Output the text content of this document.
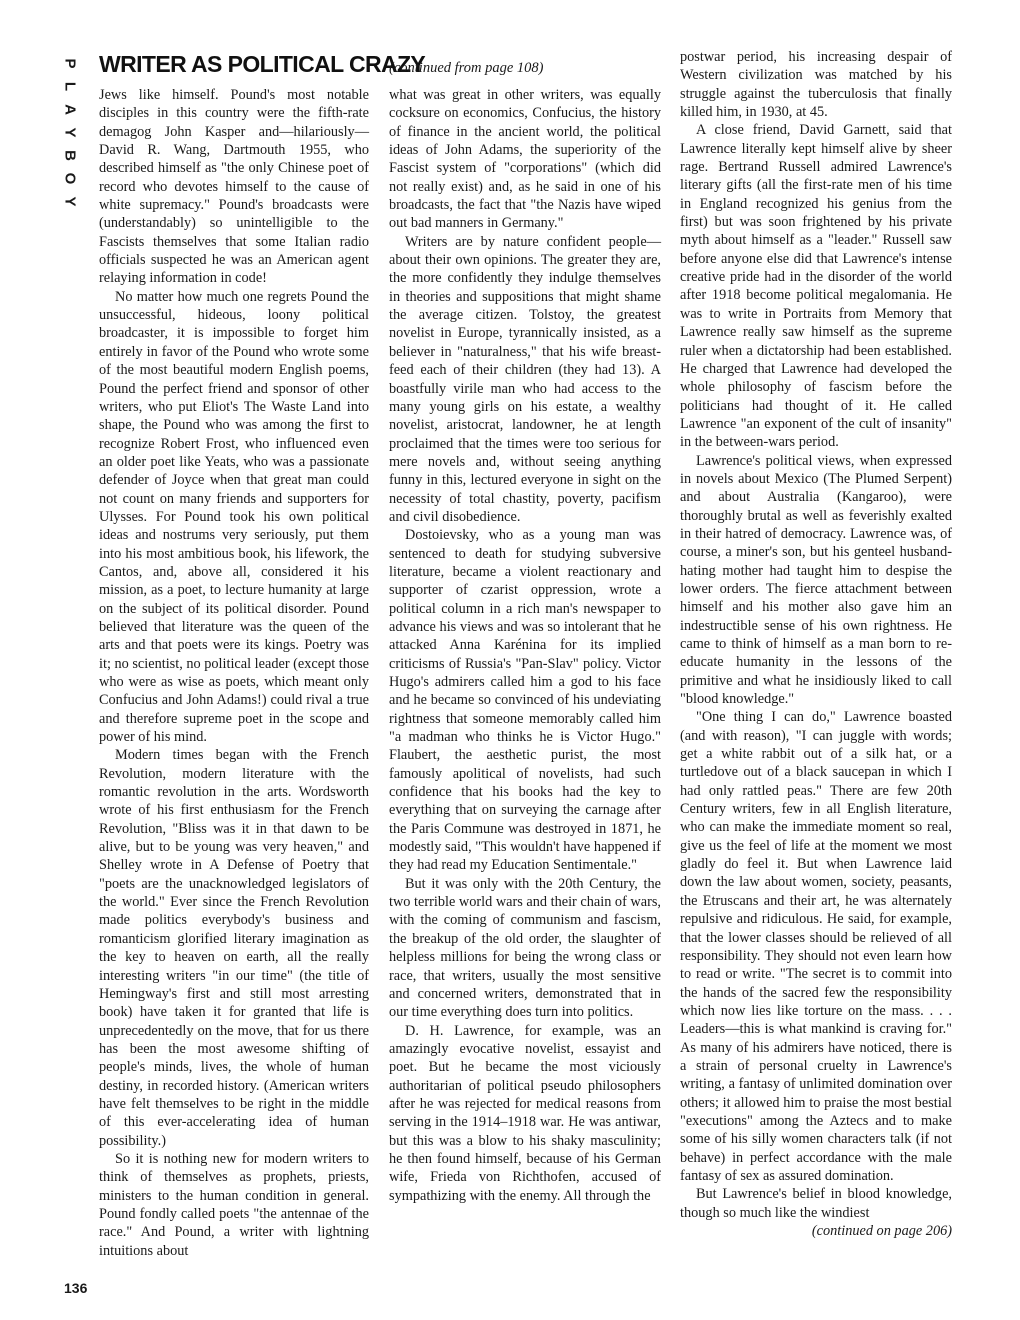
P
L
A
Y
B
O
Y
WRITER AS POLITICAL CRAZY
(continued from page 108)

Jews like himself. Pound's most notable disciples in this country were the fifth-rate demagog John Kasper and—hilariously—David R. Wang, Dartmouth 1955, who described himself as "the only Chinese poet of record who devotes himself to the cause of white supremacy." Pound's broadcasts were (understandably) so unintelligible to the Fascists themselves that some Italian radio officials suspected he was an American agent relaying information in code!

No matter how much one regrets Pound the unsuccessful, hideous, loony political broadcaster, it is impossible to forget him entirely in favor of the Pound who wrote some of the most beautiful modern English poems, Pound the perfect friend and sponsor of other writers, who put Eliot's The Waste Land into shape, the Pound who was among the first to recognize Robert Frost, who influenced even an older poet like Yeats, who was a passionate defender of Joyce when that great man could not count on many friends and supporters for Ulysses. For Pound took his own political ideas and nostrums very seriously, put them into his most ambitious book, his lifework, the Cantos, and, above all, considered it his mission, as a poet, to lecture humanity at large on the subject of its political disorder. Pound believed that literature was the queen of the arts and that poets were its kings. Poetry was it; no scientist, no political leader (except those who were as wise as poets, which meant only Confucius and John Adams!) could rival a true and therefore supreme poet in the scope and power of his mind.

Modern times began with the French Revolution, modern literature with the romantic revolution in the arts. Wordsworth wrote of his first enthusiasm for the French Revolution, "Bliss was it in that dawn to be alive, but to be young was very heaven," and Shelley wrote in A Defense of Poetry that "poets are the unacknowledged legislators of the world." Ever since the French Revolution made politics everybody's business and romanticism glorified literary imagination as the key to heaven on earth, all the really interesting writers "in our time" (the title of Hemingway's first and still most arresting book) have taken it for granted that life is unprecedentedly on the move, that for us there has been the most awesome shifting of people's minds, lives, the whole of human destiny, in recorded history. (American writers have felt themselves to be right in the middle of this ever-accelerating idea of human possibility.)

So it is nothing new for modern writers to think of themselves as prophets, priests, ministers to the human condition in general. Pound fondly called poets "the antennae of the race." And Pound, a writer with lightning intuitions about

what was great in other writers, was equally cocksure on economics, Confucius, the history of finance in the ancient world, the political ideas of John Adams, the superiority of the Fascist system of "corporations" (which did not really exist) and, as he said in one of his broadcasts, the fact that "the Nazis have wiped out bad manners in Germany."

Writers are by nature confident people—about their own opinions. The greater they are, the more confidently they indulge themselves in theories and suppositions that might shame the average citizen. Tolstoy, the greatest novelist in Europe, tyrannically insisted, as a believer in "naturalness," that his wife breast-feed each of their children (they had 13). A boastfully virile man who had access to the many young girls on his estate, a wealthy novelist, aristocrat, landowner, he at length proclaimed that the times were too serious for mere novels and, without seeing anything funny in this, lectured everyone in sight on the necessity of total chastity, poverty, pacifism and civil disobedience.

Dostoievsky, who as a young man was sentenced to death for studying subversive literature, became a violent reactionary and supporter of czarist oppression, wrote a political column in a rich man's newspaper to advance his views and was so intolerant that he attacked Anna Karénina for its implied criticisms of Russia's "Pan-Slav" policy. Victor Hugo's admirers called him a god to his face and he became so convinced of his undeviating rightness that someone memorably called him "a madman who thinks he is Victor Hugo." Flaubert, the aesthetic purist, the most famously apolitical of novelists, had such confidence that his books had the key to everything that on surveying the carnage after the Paris Commune was destroyed in 1871, he modestly said, "This wouldn't have happened if they had read my Education Sentimentale."

But it was only with the 20th Century, the two terrible world wars and their chain of wars, with the coming of communism and fascism, the breakup of the old order, the slaughter of helpless millions for being the wrong class or race, that writers, usually the most sensitive and concerned writers, demonstrated that in our time everything does turn into politics.

D. H. Lawrence, for example, was an amazingly evocative novelist, essayist and poet. But he became the most viciously authoritarian of political pseudo philosophers after he was rejected for medical reasons from serving in the 1914–1918 war. He was antiwar, but this was a blow to his shaky masculinity; he then found himself, because of his German wife, Frieda von Richthofen, accused of sympathizing with the enemy. All through the

postwar period, his increasing despair of Western civilization was matched by his struggle against the tuberculosis that finally killed him, in 1930, at 45.

A close friend, David Garnett, said that Lawrence literally kept himself alive by sheer rage. Bertrand Russell admired Lawrence's literary gifts (all the first-rate men of his time in England recognized his genius from the first) but was soon frightened by his private myth about himself as a "leader." Russell saw before anyone else did that Lawrence's intense creative pride had in the disorder of the world after 1918 become political megalomania. He was to write in Portraits from Memory that Lawrence really saw himself as the supreme ruler when a dictatorship had been established. He charged that Lawrence had developed the whole philosophy of fascism before the politicians had thought of it. He called Lawrence "an exponent of the cult of insanity" in the between-wars period.

Lawrence's political views, when expressed in novels about Mexico (The Plumed Serpent) and about Australia (Kangaroo), were thoroughly brutal as well as feverishly exalted in their hatred of democracy. Lawrence was, of course, a miner's son, but his genteel husband-hating mother had taught him to despise the lower orders. The fierce attachment between himself and his mother also gave him an indestructible sense of his own rightness. He came to think of himself as a man born to re-educate humanity in the lessons of the primitive and what he insidiously liked to call "blood knowledge."

"One thing I can do," Lawrence boasted (and with reason), "I can juggle with words; get a white rabbit out of a silk hat, or a turtledove out of a black saucepan in which I had only rattled peas." There are few 20th Century writers, few in all English literature, who can make the immediate moment so real, give us the feel of life at the moment we most gladly do feel it. But when Lawrence laid down the law about women, society, peasants, the Etruscans and their art, he was alternately repulsive and ridiculous. He said, for example, that the lower classes should be relieved of all responsibility. They should not even learn how to read or write. "The secret is to commit into the hands of the sacred few the responsibility which now lies like torture on the mass. . . . Leaders—this is what mankind is craving for." As many of his admirers have noticed, there is a strain of personal cruelty in Lawrence's writing, a fantasy of unlimited domination over others; it allowed him to praise the most bestial "executions" among the Aztecs and to make some of his silly women characters talk (if not behave) in perfect accordance with the male fantasy of sex as assured domination.

But Lawrence's belief in blood knowledge, though so much like the windiest

(continued on page 206)
136
